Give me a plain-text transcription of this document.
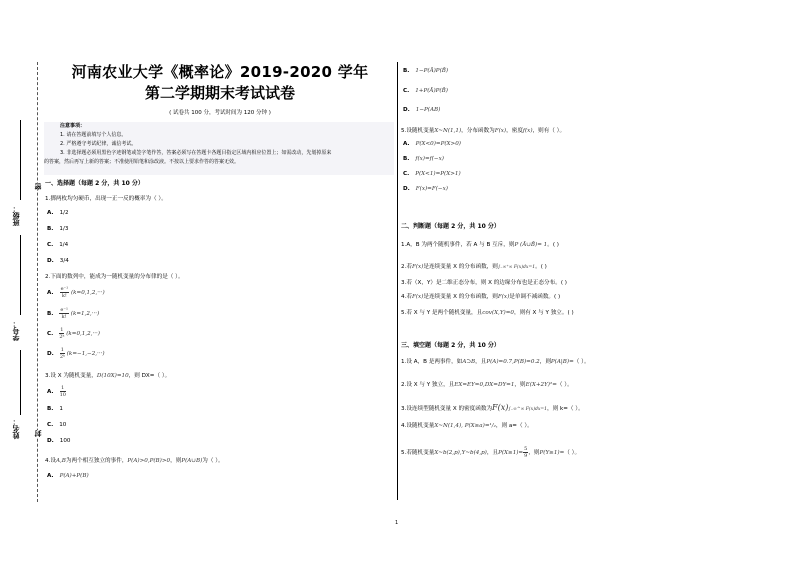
班级：
学号：
姓名：
密
封
河南农业大学《概率论》2019-2020 学年
第二学期期末考试试卷
( 试卷共 100 分，考试时间为 120 分钟 )
注意事项：
1. 请在答题前填写个人信息。
2. 严格遵守考试纪律，诚信考试。
3. 非选择题必须用黑色字迹钢笔或签字笔作答，答案必须写在答题卡各题目指定区域内相应位置上；如需改动，先划掉原来
的答案，然后再写上新的答案；不准使用铅笔和涂改液。不按以上要求作答的答案无效。
一、选择题（每题 2 分，共 10 分）
1.掷两枚均匀硬币，出现一正一反的概率为（ ）。
A. 1/2
B. 1/3
C. 1/4
D. 3/4
2.下面的数列中，能成为一随机变量的分布律的是（ ）。
A. $\frac{\text{e⁻¹}}{k!} (k=0,1,2,\cdot\cdot\cdot)$
B. $\frac{\text{e⁻¹}}{k!} (k=1,2,\cdot\cdot\cdot)$
C. $\frac{1}{\text{2ᵏ}} (k=0,1,2,\cdot\cdot\cdot)$
D. $\frac{1}{\text{2ᵏ}} (k=-1,-2,\cdot\cdot\cdot)$
3.设 X 为随机变量，D(10X)=10，则 DX=（ ）。
A. $\frac{1}{10}$
B. 1
C. 10
D. 100
4.设A,B为两个相互独立的事件，P(A)>0,P(B)>0，则P(A∪B)为（ ）。
A. P(A)+P(B)
B. 1−P(Ā)P(B̄)
C. 1+P(Ā)P(B̄)
D. 1−P(AB)
5.设随机变量X~N(1,1)，分布函数为F(x)，密度f(x)，则有（ ）。
A. P(X<0)=P(X>0)
B. f(x)=f(−x)
C. P(X<1)=P(X>1)
D. F(x)=F(−x)
二、判断题（每题 2 分，共 10 分）
1.A，B 为两个随机事件，若 A 与 B 互斥，则P (Ā∪B̄)= 1。( )
2.若F(x)是连续变量 X 的分布函数，则∫₋∞⁺∞ F(x)dx=1。( )
3.若（X，Y）是二维正态分布，则 X 的边缘分布也是正态分布。( )
4.若F(x)是连续变量 X 的分布函数，则F(x)是单调不减函数。( )
5.若 X 与 Y 是两个随机变量，且cov(X,Y)=0，则有 X 与 Y 独立。( )
三、填空题（每题 2 分，共 10 分）
1.设 A，B 是两事件，如A⊃B，且P(A)=0.7,P(B)=0.2，则P(A|B)=（ ）。
2.设 X 与 Y 独立，且EX=EY=0,DX=DY=1，则E(X+2Y)²=（ ）。
3.设连续型随机变量 X 的密度函数为F(x)∫₋∞^∞ F(x)dx=1，则 k=（ ）。
4.设随机变量X~N(1,4), P(X≥a)=¹/₂，则 a=（ ）。
5.若随机变量X~b(2,p),Y~b(4,p)，且$P(X\ge 1)= \frac{5}{9}$ ，则P(Y≥1)=（ ）。
1
